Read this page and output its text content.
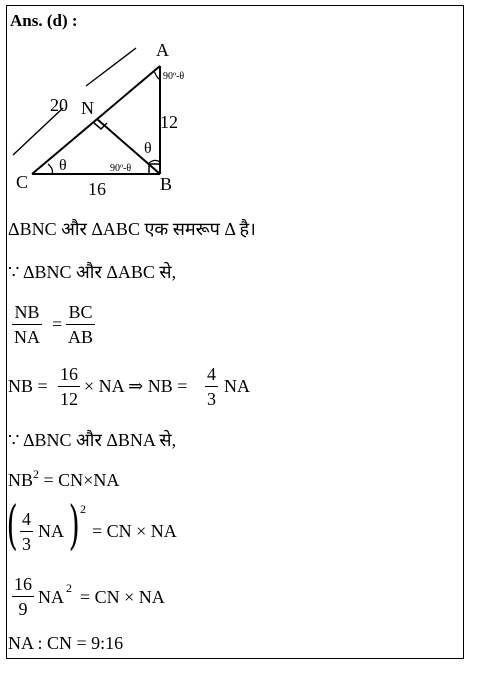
Ans. (d) :
A
B
C
N
20
12
16
90º-θ
90º-θ
θ
θ
ΔBNC और ΔABC एक समरूप Δ है।
∵ ΔBNC और ΔABC से,
NB
NA
=
BC
AB
NB =
16
12
× NA ⇒ NB =
4
3
NA
∵ ΔBNC और ΔBNA से,
$NB^2 = CN\times NA$
( 4
3
NA ) 2
= CN × NA
16
9
NA 2 = CN × NA
NA : CN = 9:16
